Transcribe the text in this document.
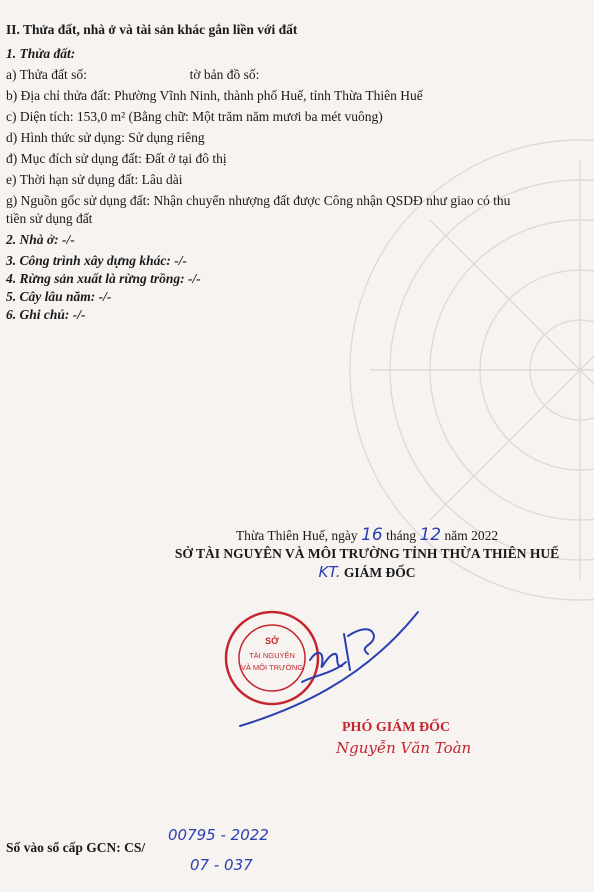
II. Thửa đất, nhà ở và tài sản khác gắn liền với đất
1. Thửa đất:
a) Thửa đất số:	tờ bản đồ số:
b) Địa chỉ thửa đất: Phường Vĩnh Ninh, thành phố Huế, tỉnh Thừa Thiên Huế
c) Diện tích: 153,0 m² (Bằng chữ: Một trăm năm mươi ba mét vuông)
d) Hình thức sử dụng: Sử dụng riêng
đ) Mục đích sử dụng đất: Đất ở tại đô thị
e) Thời hạn sử dụng đất: Lâu dài
g) Nguồn gốc sử dụng đất: Nhận chuyển nhượng đất được Công nhận QSDĐ như giao có thu
tiền sử dụng đất
2. Nhà ở: -/-
3. Công trình xây dựng khác: -/-
4. Rừng sản xuất là rừng trồng: -/-
5. Cây lâu năm: -/-
6. Ghi chú: -/-
Thừa Thiên Huế, ngày 16 tháng 12 năm 2022
SỞ TÀI NGUYÊN VÀ MÔI TRƯỜNG TỈNH THỪA THIÊN HUẾ
KT. GIÁM ĐỐC
SỞ
TÀI NGUYÊN
VÀ MÔI TRƯỜNG
PHÓ GIÁM ĐỐC
Nguyễn Văn Toàn
Số vào sổ cấp GCN: CS/
00795 - 2022
07 - 037
